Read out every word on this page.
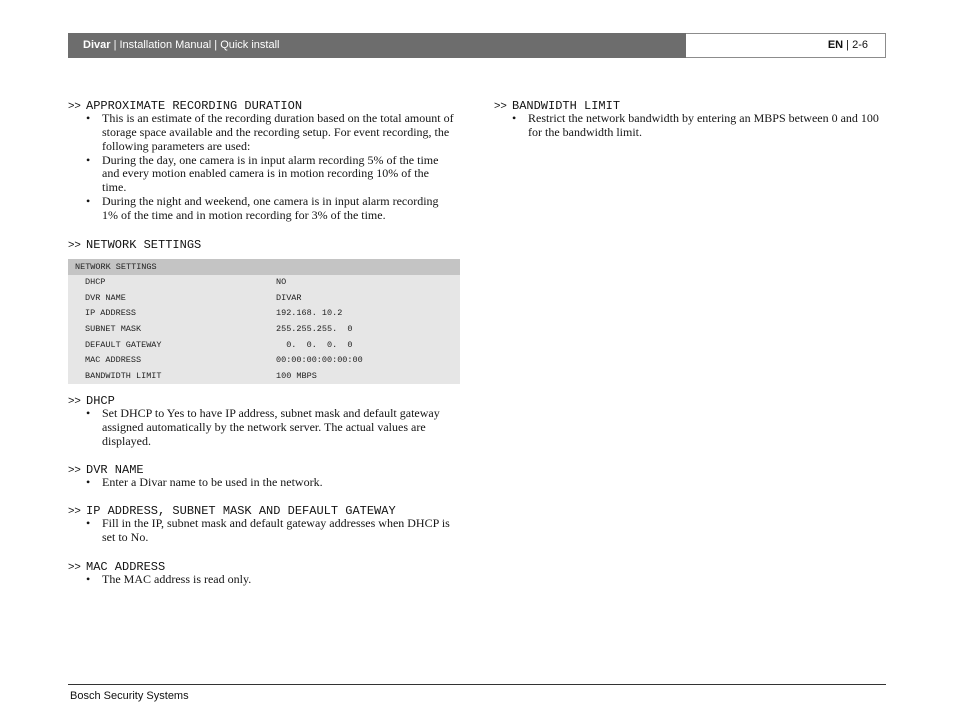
Divar | Installation Manual | Quick install	EN | 2-6
>> APPROXIMATE RECORDING DURATION
• This is an estimate of the recording duration based on the total amount of
storage space available and the recording setup. For event recording, the
following parameters are used:
• During the day, one camera is in input alarm recording 5% of the time
and every motion enabled camera is in motion recording 10% of the
time.
• During the night and weekend, one camera is in input alarm recording
1% of the time and in motion recording for 3% of the time.
>> NETWORK SETTINGS
NETWORK SETTINGS

DHCP

	NO

DVR NAME

	DIVAR

IP ADDRESS

	192.168. 10.2

SUBNET MASK

	255.255.255.  0

DEFAULT GATEWAY

	0.  0.  0.  0

MAC ADDRESS

	00:00:00:00:00:00

BANDWIDTH LIMIT

	100 MBPS

>> DHCP
• Set DHCP to Yes to have IP address, subnet mask and default gateway
assigned automatically by the network server. The actual values are
displayed.
>> DVR NAME
• Enter a Divar name to be used in the network.
>> IP ADDRESS, SUBNET MASK AND DEFAULT GATEWAY
• Fill in the IP, subnet mask and default gateway addresses when DHCP is
set to No.
>> MAC ADDRESS
• The MAC address is read only.
>> BANDWIDTH LIMIT
• Restrict the network bandwidth by entering an MBPS between 0 and 100
for the bandwidth limit.
Bosch Security Systems
